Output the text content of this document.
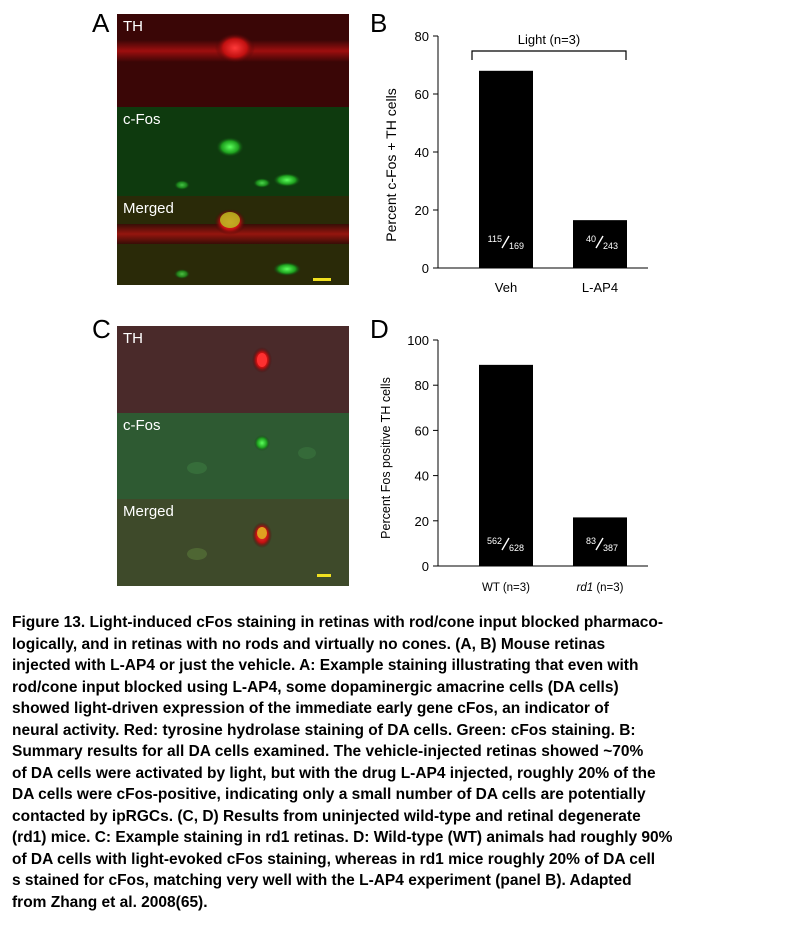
A	B
C	D
TH
c-Fos
Merged
TH
c-Fos
Merged
Percent c-Fos + TH cells
Light (n=3)
0
20
40
60
80
115
169
Veh
40
243
L-AP4
Percent Fos positive TH cells
0
20
40
60
80
100
562
628
WT (n=3)
83
387
rd1 (n=3)

Figure 13. Light-induced cFos staining in retinas with rod/cone input blocked pharmaco-

logically, and in retinas with no rods and virtually no cones. (A, B) Mouse retinas

injected with L-AP4 or just the vehicle. A: Example staining illustrating that even with

rod/cone input blocked using L-AP4, some dopaminergic amacrine cells (DA cells)

showed light-driven expression of the immediate early gene cFos, an indicator of

neural activity. Red: tyrosine hydrolase staining of DA cells. Green: cFos staining. B:

Summary results for all DA cells examined. The vehicle-injected retinas showed ~70%

of DA cells were activated by light, but with the drug L-AP4 injected, roughly 20% of the

DA cells were cFos-positive, indicating only a small number of DA cells are potentially

contacted by ipRGCs. (C, D) Results from uninjected wild-type and retinal degenerate

(rd1) mice. C: Example staining in rd1 retinas. D: Wild-type (WT) animals had roughly 90%

of DA cells with light-evoked cFos staining, whereas in rd1 mice roughly 20% of DA cell

s stained for cFos, matching very well with the L-AP4 experiment (panel B). Adapted

from Zhang et al. 2008(65).
